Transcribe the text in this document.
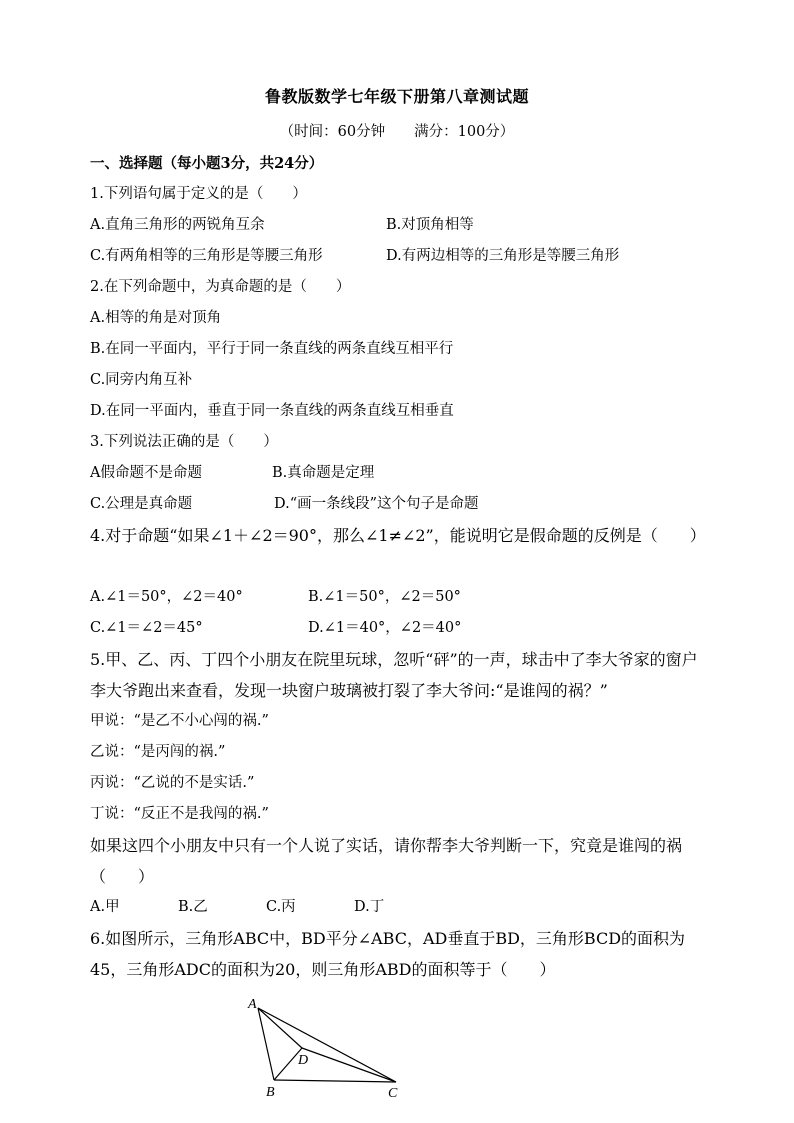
鲁教版数学七年级下册第八章测试题
（时间：60分钟　　满分：100分）
一、选择题（每小题3分，共24分）
1.下列语句属于定义的是（　　）
A.直角三角形的两锐角互余	B.对顶角相等
C.有两角相等的三角形是等腰三角形	D.有两边相等的三角形是等腰三角形
2.在下列命题中，为真命题的是（　　）
A.相等的角是对顶角
B.在同一平面内，平行于同一条直线的两条直线互相平行
C.同旁内角互补
D.在同一平面内，垂直于同一条直线的两条直线互相垂直
3.下列说法正确的是（　　）
A假命题不是命题	B.真命题是定理
C.公理是真命题	D.“画一条线段”这个句子是命题
4.对于命题“如果∠1＋∠2＝90°，那么∠1≠∠2”，能说明它是假命题的反例是（　　）
A.∠1＝50°，∠2＝40°	B.∠1＝50°，∠2＝50°
C.∠1＝∠2＝45°	D.∠1＝40°，∠2＝40°
5.甲、乙、丙、丁四个小朋友在院里玩球，忽听“砰”的一声，球击中了李大爷家的窗户李大爷跑出来查看，发现一块窗户玻璃被打裂了李大爷问:“是谁闯的祸？”
甲说：“是乙不小心闯的祸.”
乙说：“是丙闯的祸.”
丙说：“乙说的不是实话.”
丁说：“反正不是我闯的祸.”
如果这四个小朋友中只有一个人说了实话，请你帮李大爷判断一下，究竟是谁闯的祸（　　）
A.甲	B.乙	C.丙	D.丁
6.如图所示，三角形ABC中，BD平分∠ABC，AD垂直于BD，三角形BCD的面积为45，三角形ADC的面积为20，则三角形ABD的面积等于（　　）
A
B	C
D
